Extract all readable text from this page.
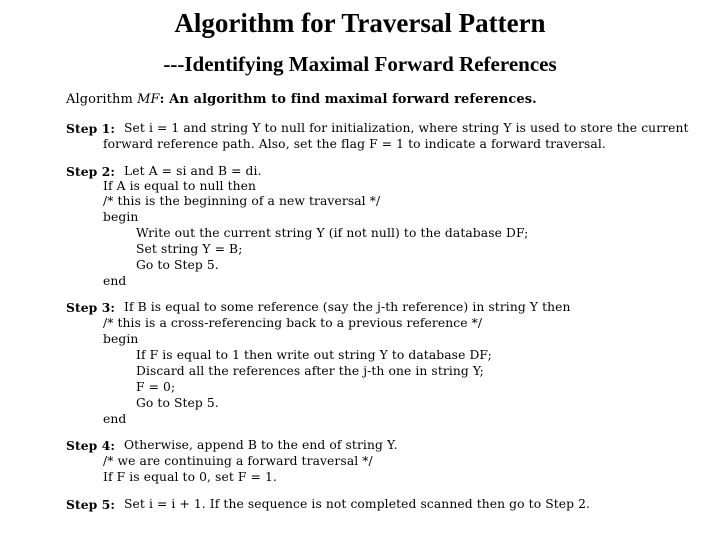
Algorithm for Traversal Pattern
---Identifying Maximal Forward References
Algorithm MF: An algorithm to find maximal forward references.
Step 1: Set i = 1 and string Y to null for initialization, where string Y is used to store the current
forward reference path. Also, set the flag F = 1 to indicate a forward traversal.
Step 2: Let A = si and B = di.
If A is equal to null then
/* this is the beginning of a new traversal */
begin
Write out the current string Y (if not null) to the database DF;
Set string Y = B;
Go to Step 5.
end
Step 3: If B is equal to some reference (say the j-th reference) in string Y then
/* this is a cross-referencing back to a previous reference */
begin
If F is equal to 1 then write out string Y to database DF;
Discard all the references after the j-th one in string Y;
F = 0;
Go to Step 5.
end
Step 4: Otherwise, append B to the end of string Y.
/* we are continuing a forward traversal */
If F is equal to 0, set F = 1.
Step 5: Set i = i + 1. If the sequence is not completed scanned then go to Step 2.
